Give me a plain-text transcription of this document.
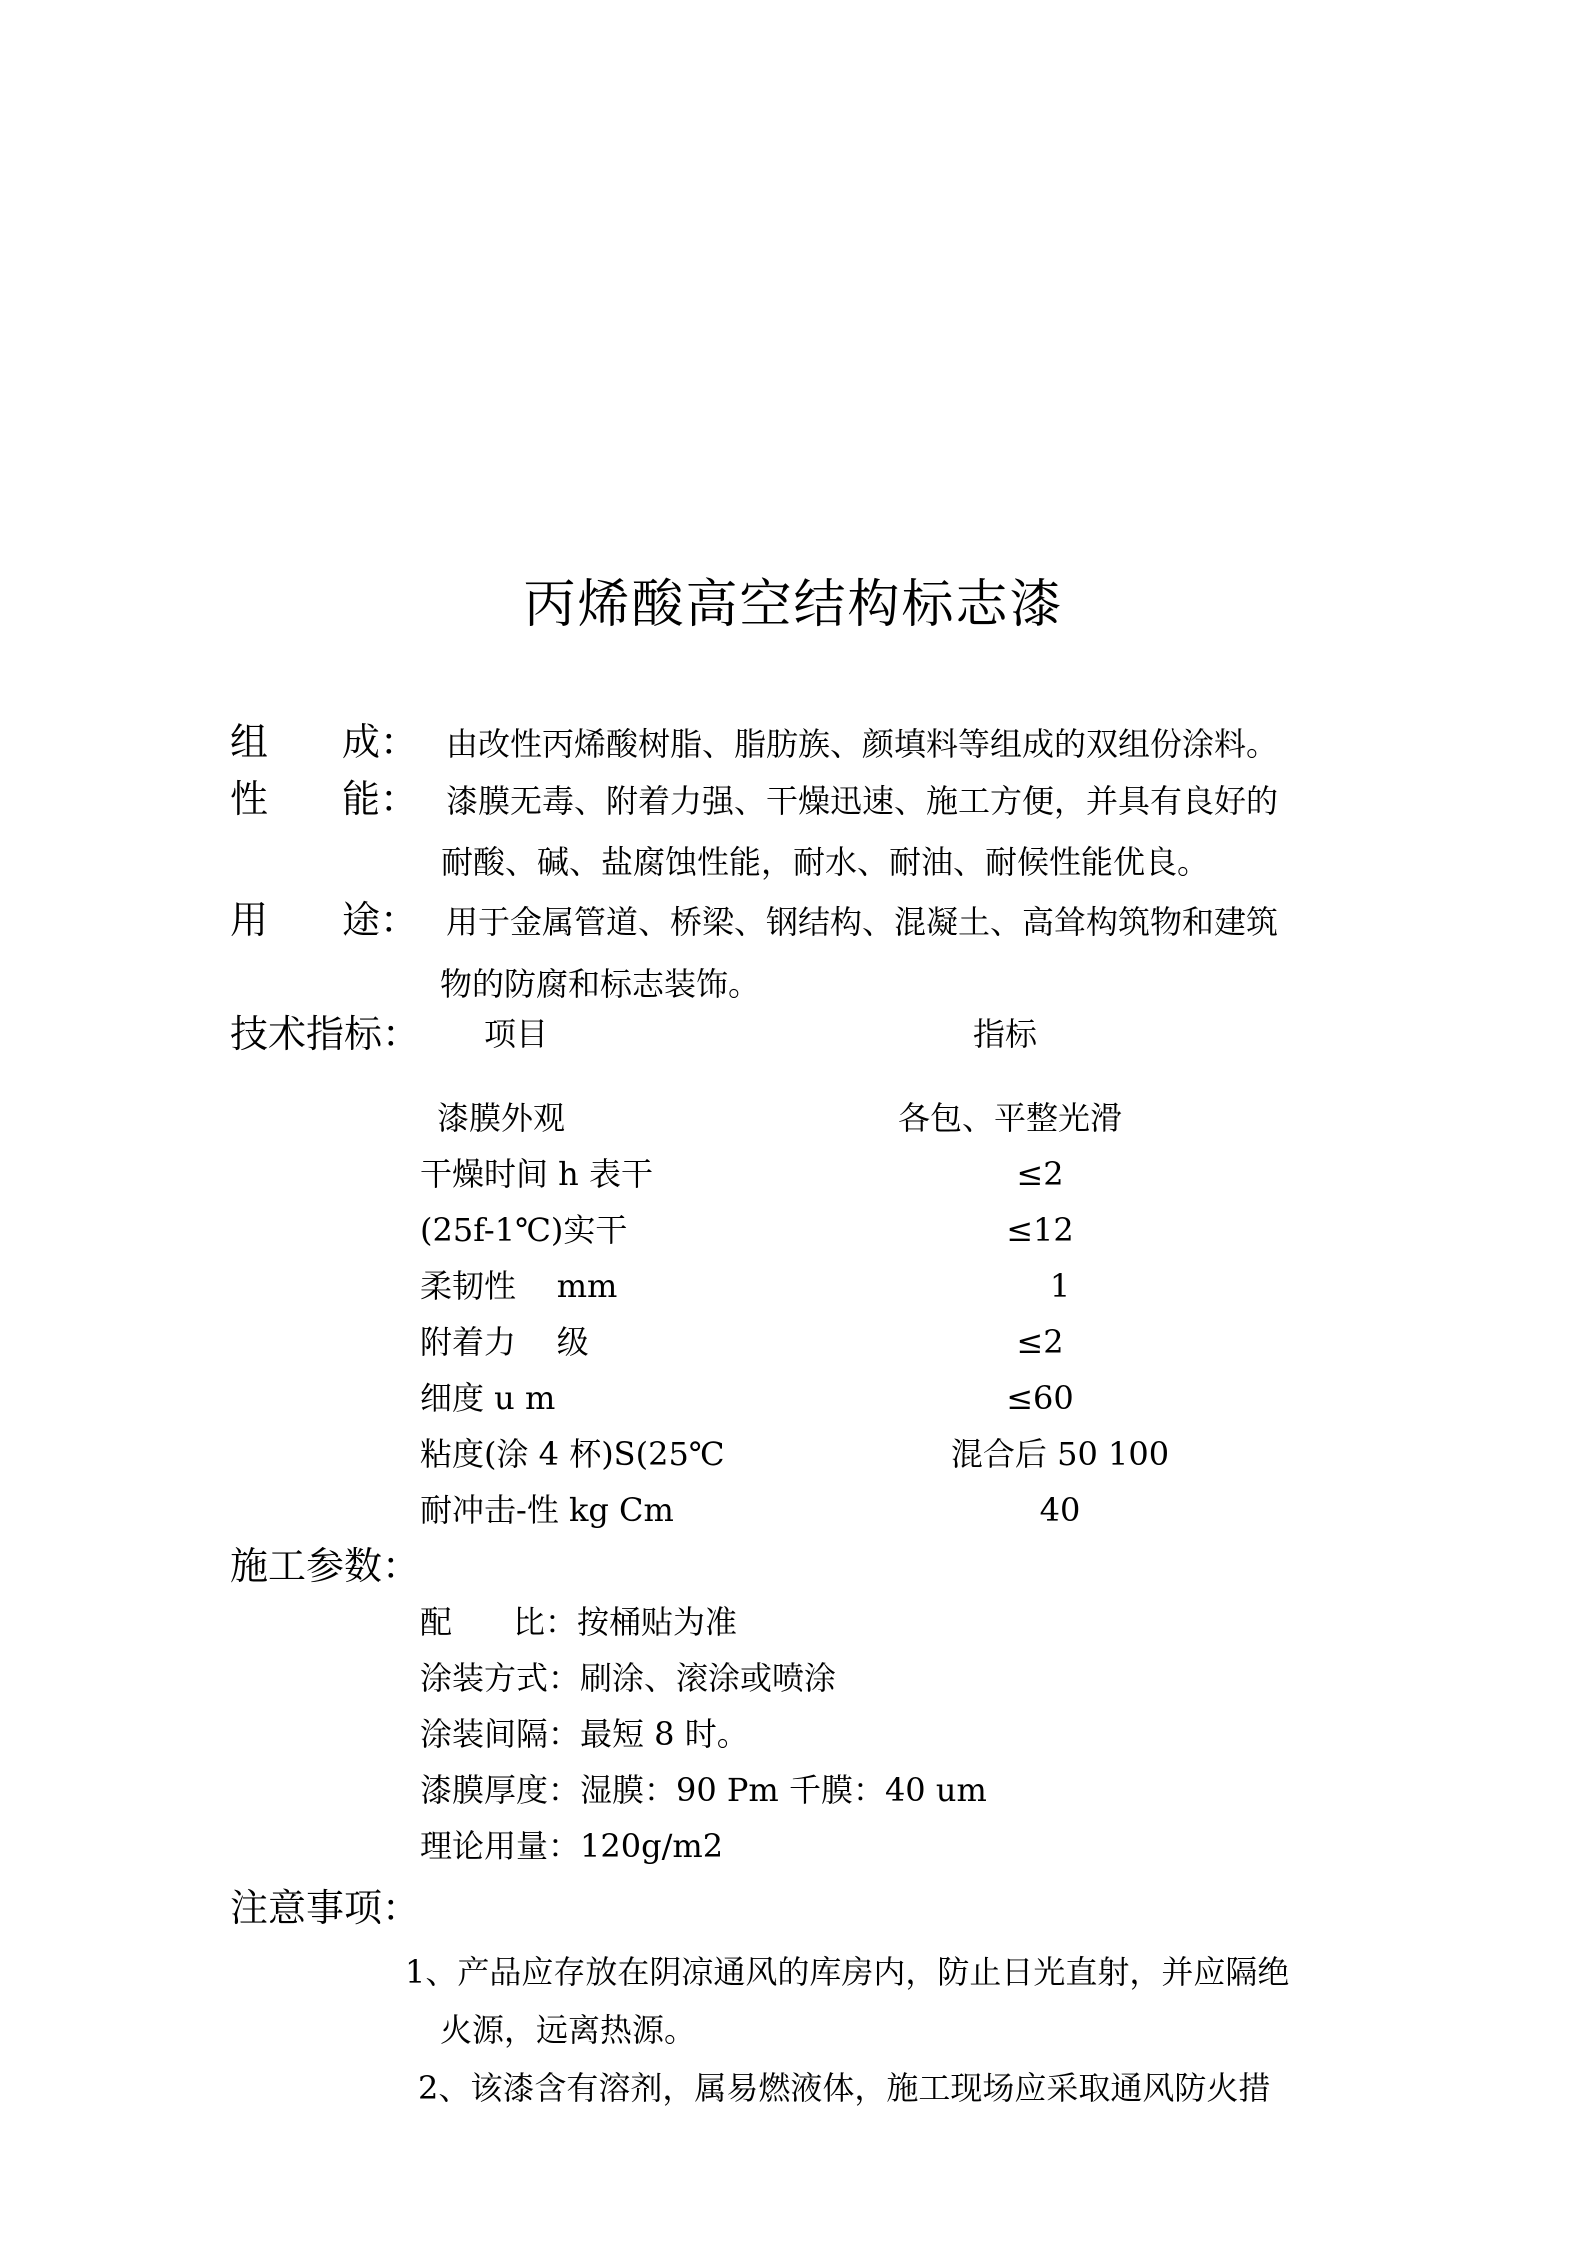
丙烯酸高空结构标志漆
组 成： 由改性丙烯酸树脂、脂肪族、颜填料等组成的双组份涂料。
性 能： 漆膜无毒、附着力强、干燥迅速、施工方便，并具有良好的
耐酸、碱、盐腐蚀性能，耐水、耐油、耐候性能优良。
用 途： 用于金属管道、桥梁、钢结构、混凝土、高耸构筑物和建筑
物的防腐和标志装饰。
技术指标： 项目	指标
漆膜外观	各包、平整光滑
干燥时间 h 表干	≤2
(25f-1℃)实干	≤12
柔韧性    mm	1
附着力    级	≤2
细度 u m	≤60
粘度(涂 4 杯)S(25℃	混合后 50 100
耐冲击-性 kg Cm	40
施工参数：
配      比：按桶贴为准
涂装方式：刷涂、滚涂或喷涂
涂装间隔：最短 8 时。
漆膜厚度：湿膜：90 Pm 千膜：40 um
理论用量：120g/m2
注意事项：
1、产品应存放在阴凉通风的库房内，防止日光直射，并应隔绝
火源，远离热源。
2、该漆含有溶剂，属易燃液体，施工现场应采取通风防火措
